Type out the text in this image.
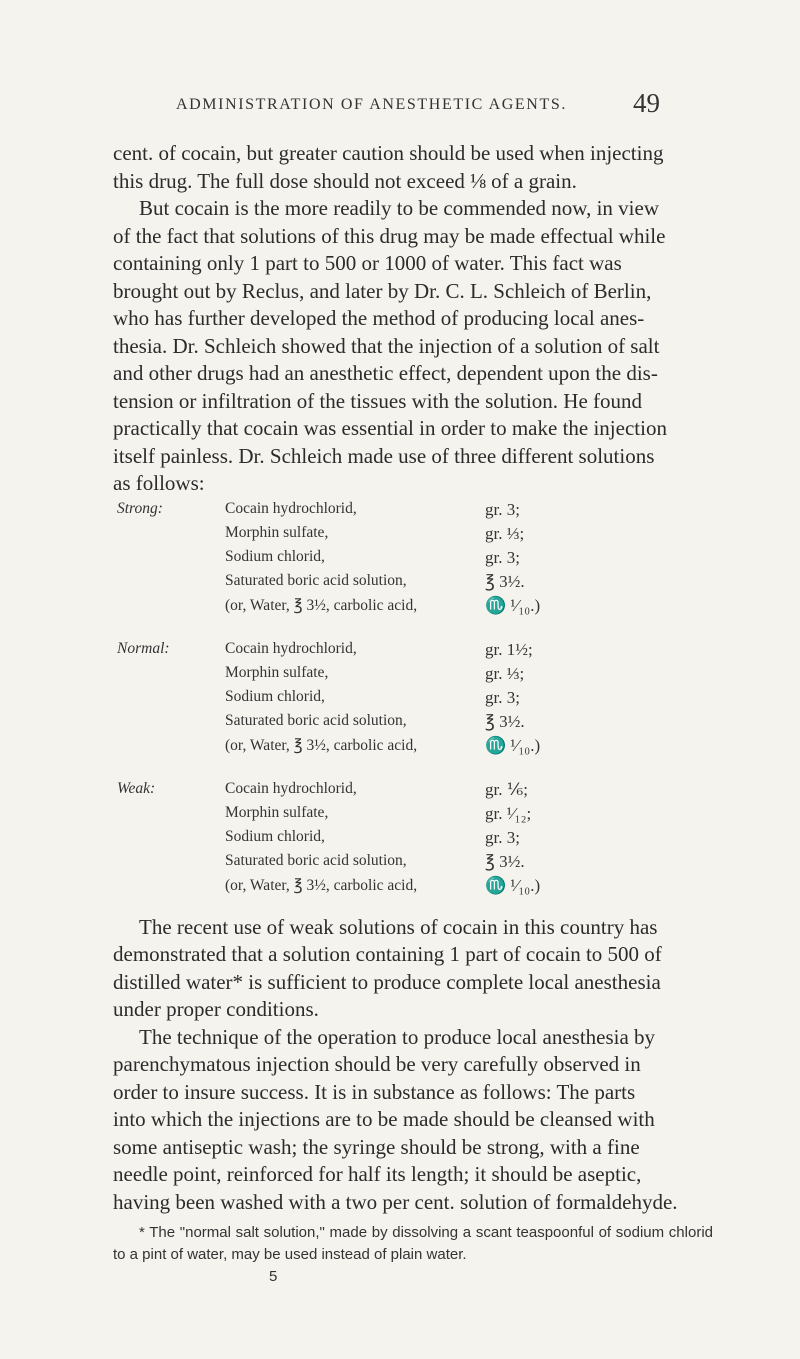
ADMINISTRATION OF ANESTHETIC AGENTS. 49

cent. of cocain, but greater caution should be used when injecting
this drug. The full dose should not exceed ⅛ of a grain.

But cocain is the more readily to be commended now, in view
of the fact that solutions of this drug may be made effectual while
containing only 1 part to 500 or 1000 of water. This fact was
brought out by Reclus, and later by Dr. C. L. Schleich of Berlin,
who has further developed the method of producing local anes-
thesia. Dr. Schleich showed that the injection of a solution of salt
and other drugs had an anesthetic effect, dependent upon the dis-
tension or infiltration of the tissues with the solution. He found
practically that cocain was essential in order to make the injection
itself painless. Dr. Schleich made use of three different solutions
as follows:

Strong:	Cocain hydrochlorid,	gr. 3;
Morphin sulfate,	gr. ⅓;
Sodium chlorid,	gr. 3;
Saturated boric acid solution,	℥ 3½.
(or, Water, ℥ 3½, carbolic acid,	♏ ¹⁄₁₀.)
Normal:	Cocain hydrochlorid,	gr. 1½;
Morphin sulfate,	gr. ⅓;
Sodium chlorid,	gr. 3;
Saturated boric acid solution,	℥ 3½.
(or, Water, ℥ 3½, carbolic acid,	♏ ¹⁄₁₀.)
Weak:	Cocain hydrochlorid,	gr. ⅙;
Morphin sulfate,	gr. ¹⁄₁₂;
Sodium chlorid,	gr. 3;
Saturated boric acid solution,	℥ 3½.
(or, Water, ℥ 3½, carbolic acid,	♏ ¹⁄₁₀.)

The recent use of weak solutions of cocain in this country has
demonstrated that a solution containing 1 part of cocain to 500 of
distilled water* is sufficient to produce complete local anesthesia
under proper conditions.

The technique of the operation to produce local anesthesia by
parenchymatous injection should be very carefully observed in
order to insure success. It is in substance as follows: The parts
into which the injections are to be made should be cleansed with
some antiseptic wash; the syringe should be strong, with a fine
needle point, reinforced for half its length; it should be aseptic,
having been washed with a two per cent. solution of formaldehyde.

* The "normal salt solution," made by dissolving a scant teaspoonful of sodium chlorid to a pint of water, may be used instead of plain water.

5
